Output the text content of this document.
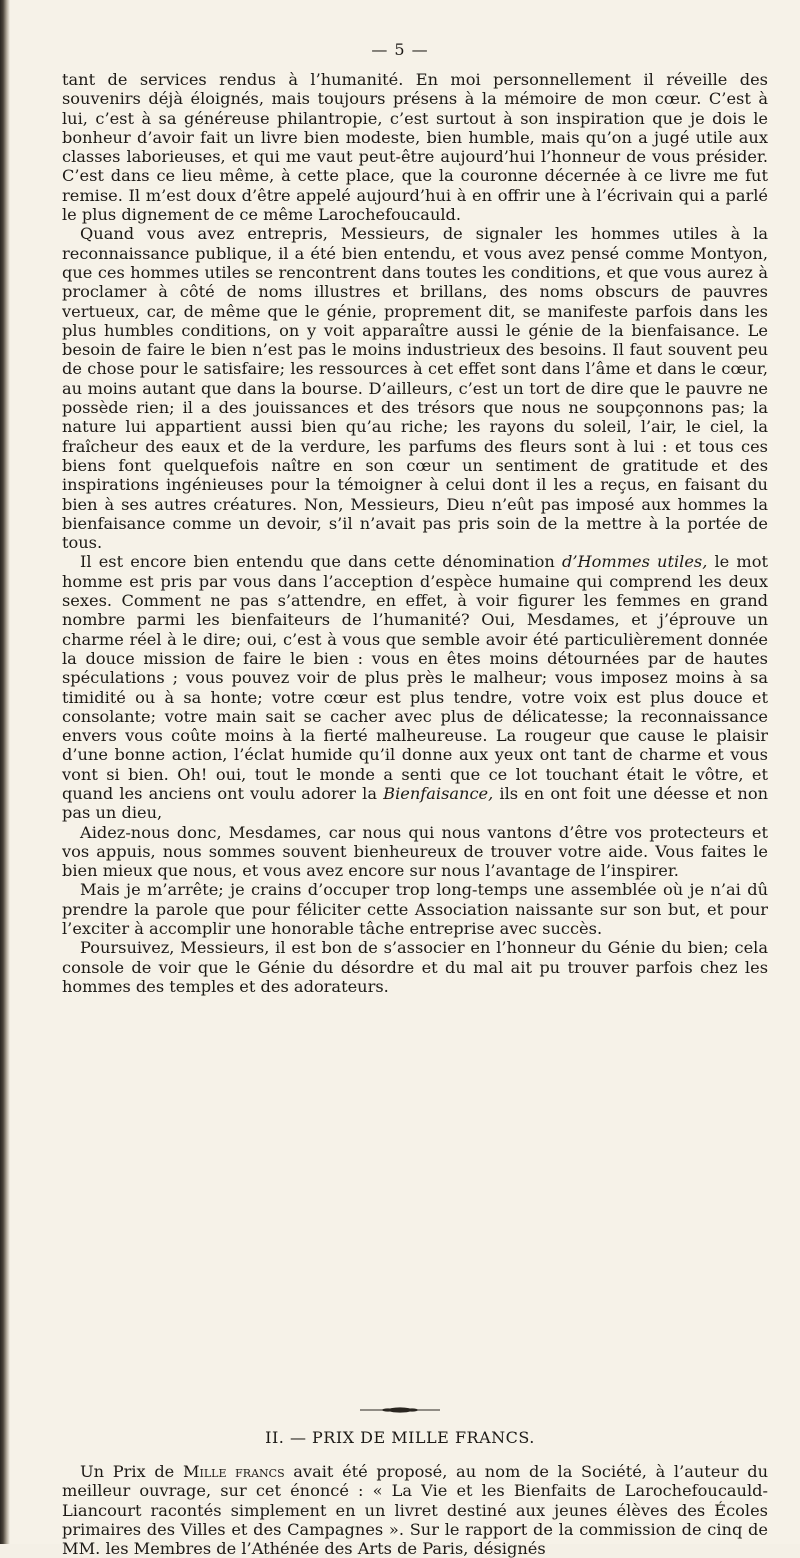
— 5 —

tant de services rendus à l’humanité. En moi personnellement il réveille des souvenirs déjà éloignés, mais toujours présens à la mémoire de mon cœur. C’est à lui, c’est à sa généreuse philantropie, c’est surtout à son inspiration que je dois le bonheur d’avoir fait un livre bien modeste, bien humble, mais qu’on a jugé utile aux classes laborieuses, et qui me vaut peut-être aujourd’hui l’honneur de vous présider. C’est dans ce lieu même, à cette place, que la couronne décernée à ce livre me fut remise. Il m’est doux d’être appelé aujourd’hui à en offrir une à l’écrivain qui a parlé le plus dignement de ce même Larochefoucauld.

Quand vous avez entrepris, Messieurs, de signaler les hommes utiles à la reconnaissance publique, il a été bien entendu, et vous avez pensé comme Montyon, que ces hommes utiles se rencontrent dans toutes les conditions, et que vous aurez à proclamer à côté de noms illustres et brillans, des noms obscurs de pauvres vertueux, car, de même que le génie, proprement dit, se manifeste parfois dans les plus humbles conditions, on y voit apparaître aussi le génie de la bienfaisance. Le besoin de faire le bien n’est pas le moins industrieux des besoins. Il faut souvent peu de chose pour le satisfaire; les ressources à cet effet sont dans l’âme et dans le cœur, au moins autant que dans la bourse. D’ailleurs, c’est un tort de dire que le pauvre ne possède rien; il a des jouissances et des trésors que nous ne soupçonnons pas; la nature lui appartient aussi bien qu’au riche; les rayons du soleil, l’air, le ciel, la fraîcheur des eaux et de la verdure, les parfums des fleurs sont à lui : et tous ces biens font quelquefois naître en son cœur un sentiment de gratitude et des inspirations ingénieuses pour la témoigner à celui dont il les a reçus, en faisant du bien à ses autres créatures. Non, Messieurs, Dieu n’eût pas imposé aux hommes la bienfaisance comme un devoir, s’il n’avait pas pris soin de la mettre à la portée de tous.

Il est encore bien entendu que dans cette dénomination d’Hommes utiles, le mot homme est pris par vous dans l’acception d’espèce humaine qui comprend les deux sexes. Comment ne pas s’attendre, en effet, à voir figurer les femmes en grand nombre parmi les bienfaiteurs de l’humanité? Oui, Mesdames, et j’éprouve un charme réel à le dire; oui, c’est à vous que semble avoir été particulièrement donnée la douce mission de faire le bien : vous en êtes moins détournées par de hautes spéculations ; vous pouvez voir de plus près le malheur; vous imposez moins à sa timidité ou à sa honte; votre cœur est plus tendre, votre voix est plus douce et consolante; votre main sait se cacher avec plus de délicatesse; la reconnaissance envers vous coûte moins à la fierté malheureuse. La rougeur que cause le plaisir d’une bonne action, l’éclat humide qu’il donne aux yeux ont tant de charme et vous vont si bien. Oh! oui, tout le monde a senti que ce lot touchant était le vôtre, et quand les anciens ont voulu adorer la Bienfaisance, ils en ont foit une déesse et non pas un dieu,

Aidez-nous donc, Mesdames, car nous qui nous vantons d’être vos protecteurs et vos appuis, nous sommes souvent bienheureux de trouver votre aide. Vous faites le bien mieux que nous, et vous avez encore sur nous l’avantage de l’inspirer.

Mais je m’arrête; je crains d’occuper trop long-temps une assemblée où je n’ai dû prendre la parole que pour féliciter cette Association naissante sur son but, et pour l’exciter à accomplir une honorable tâche entreprise avec succès.

Poursuivez, Messieurs, il est bon de s’associer en l’honneur du Génie du bien; cela console de voir que le Génie du désordre et du mal ait pu trouver parfois chez les hommes des temples et des adorateurs.

II. — PRIX DE MILLE FRANCS.

Un Prix de Mille francs avait été proposé, au nom de la Société, à l’auteur du meilleur ouvrage, sur cet énoncé : « La Vie et les Bienfaits de Larochefoucauld-Liancourt racontés simplement en un livret destiné aux jeunes élèves des Écoles primaires des Villes et des Campagnes ». Sur le rapport de la commission de cinq de MM. les Membres de l’Athénée des Arts de Paris, désignés
